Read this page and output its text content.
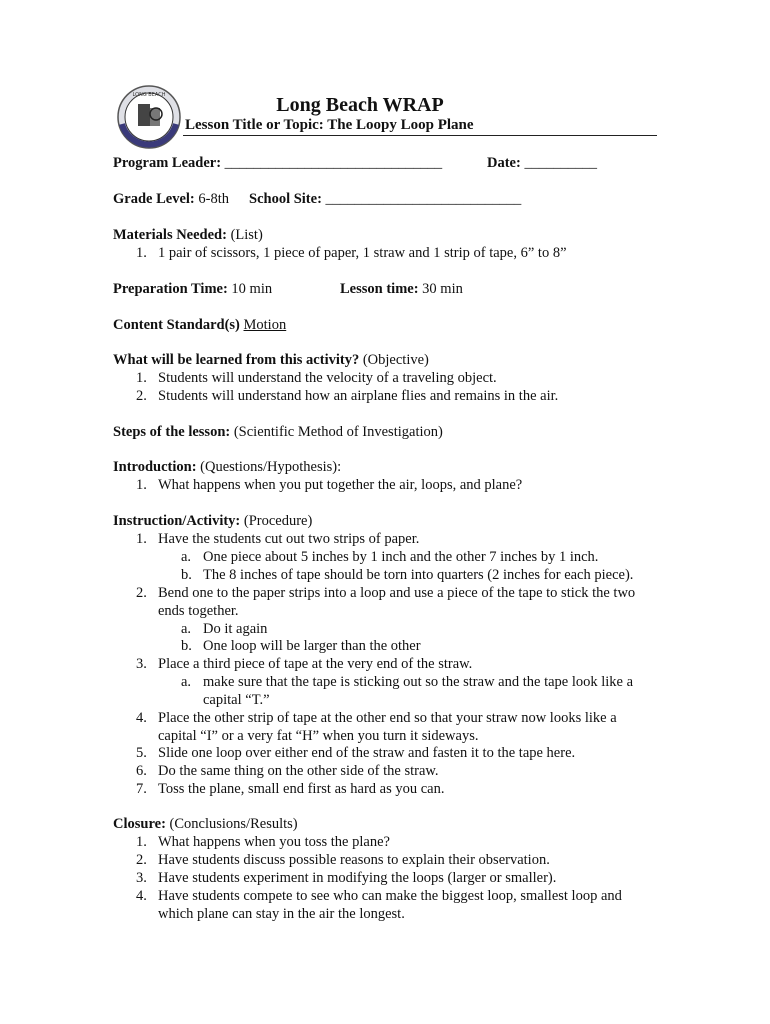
LONG BEACH	Long Beach WRAP
Lesson Title or Topic: The Loopy Loop Plane
Program Leader: ______________________________	Date: __________
Grade Level: 6-8th School Site: ___________________________
Materials Needed: (List)
1. 1 pair of scissors, 1 piece of paper, 1 straw and 1 strip of tape, 6” to 8”
Preparation Time: 10 min	Lesson time: 30 min
Content Standard(s) Motion
What will be learned from this activity? (Objective)
1. Students will understand the velocity of a traveling object.
2. Students will understand how an airplane flies and remains in the air.
Steps of the lesson: (Scientific Method of Investigation)
Introduction: (Questions/Hypothesis):
1. What happens when you put together the air, loops, and plane?
Instruction/Activity: (Procedure)
1. Have the students cut out two strips of paper.
a. One piece about 5 inches by 1 inch and the other 7 inches by 1 inch.
b. The 8 inches of tape should be torn into quarters (2 inches for each piece).
2. Bend one to the paper strips into a loop and use a piece of the tape to stick the two
ends together.
a. Do it again
b. One loop will be larger than the other
3. Place a third piece of tape at the very end of the straw.
a. make sure that the tape is sticking out so the straw and the tape look like a
capital “T.”
4. Place the other strip of tape at the other end so that your straw now looks like a
capital “I” or a very fat “H” when you turn it sideways.
5. Slide one loop over either end of the straw and fasten it to the tape here.
6. Do the same thing on the other side of the straw.
7. Toss the plane, small end first as hard as you can.
Closure: (Conclusions/Results)
1. What happens when you toss the plane?
2. Have students discuss possible reasons to explain their observation.
3. Have students experiment in modifying the loops (larger or smaller).
4. Have students compete to see who can make the biggest loop, smallest loop and
which plane can stay in the air the longest.
